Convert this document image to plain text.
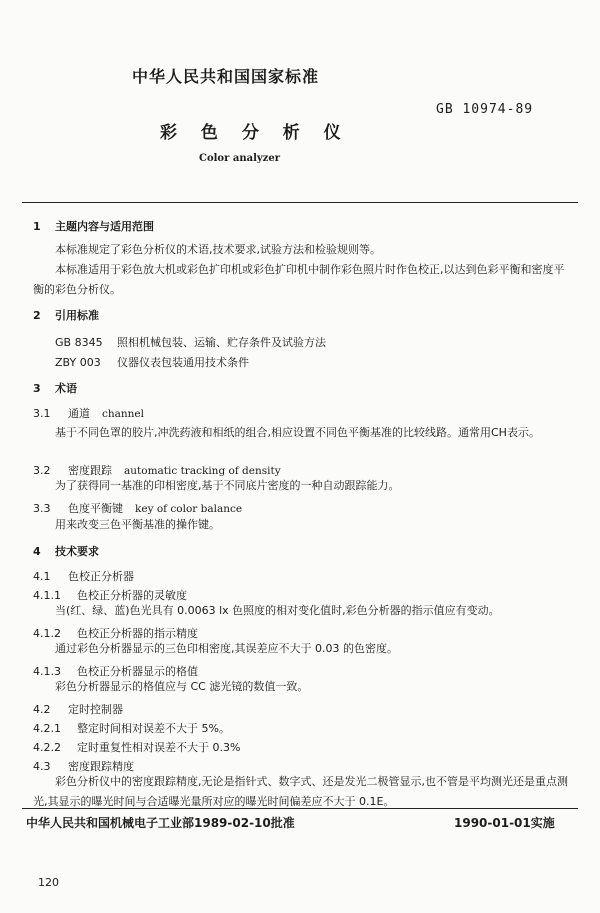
中华人民共和国国家标准
GB 10974-89
彩 色 分 析 仪
Color analyzer
1 主题内容与适用范围
本标准规定了彩色分析仪的术语,技术要求,试验方法和检验规则等。
本标准适用于彩色放大机或彩色扩印机或彩色扩印机中制作彩色照片时作色校正,以达到色彩平衡和密度平衡的彩色分析仪。
2 引用标准
GB 8345 照相机械包装、运输、贮存条件及试验方法
ZBY 003 仪器仪表包装通用技术条件
3 术语
3.1 通道 channel
基于不同色罩的胶片,冲洗药液和相纸的组合,相应设置不同色平衡基准的比较线路。通常用CH表示。
3.2 密度跟踪 automatic tracking of density
为了获得同一基准的印相密度,基于不同底片密度的一种自动跟踪能力。
3.3 色度平衡键 key of color balance
用来改变三色平衡基准的操作键。
4 技术要求
4.1 色校正分析器
4.1.1 色校正分析器的灵敏度
当(红、绿、蓝)色光具有 0.0063 lx 色照度的相对变化值时,彩色分析器的指示值应有变动。
4.1.2 色校正分析器的指示精度
通过彩色分析器显示的三色印相密度,其误差应不大于 0.03 的色密度。
4.1.3 色校正分析器显示的格值
彩色分析器显示的格值应与 CC 滤光镜的数值一致。
4.2 定时控制器
4.2.1 整定时间相对误差不大于 5%。
4.2.2 定时重复性相对误差不大于 0.3%
4.3 密度跟踪精度
彩色分析仪中的密度跟踪精度,无论是指针式、数字式、还是发光二极管显示,也不管是平均测光还是重点测光,其显示的曝光时间与合适曝光量所对应的曝光时间偏差应不大于 0.1E。
中华人民共和国机械电子工业部1989-02-10批准	1990-01-01实施
120
